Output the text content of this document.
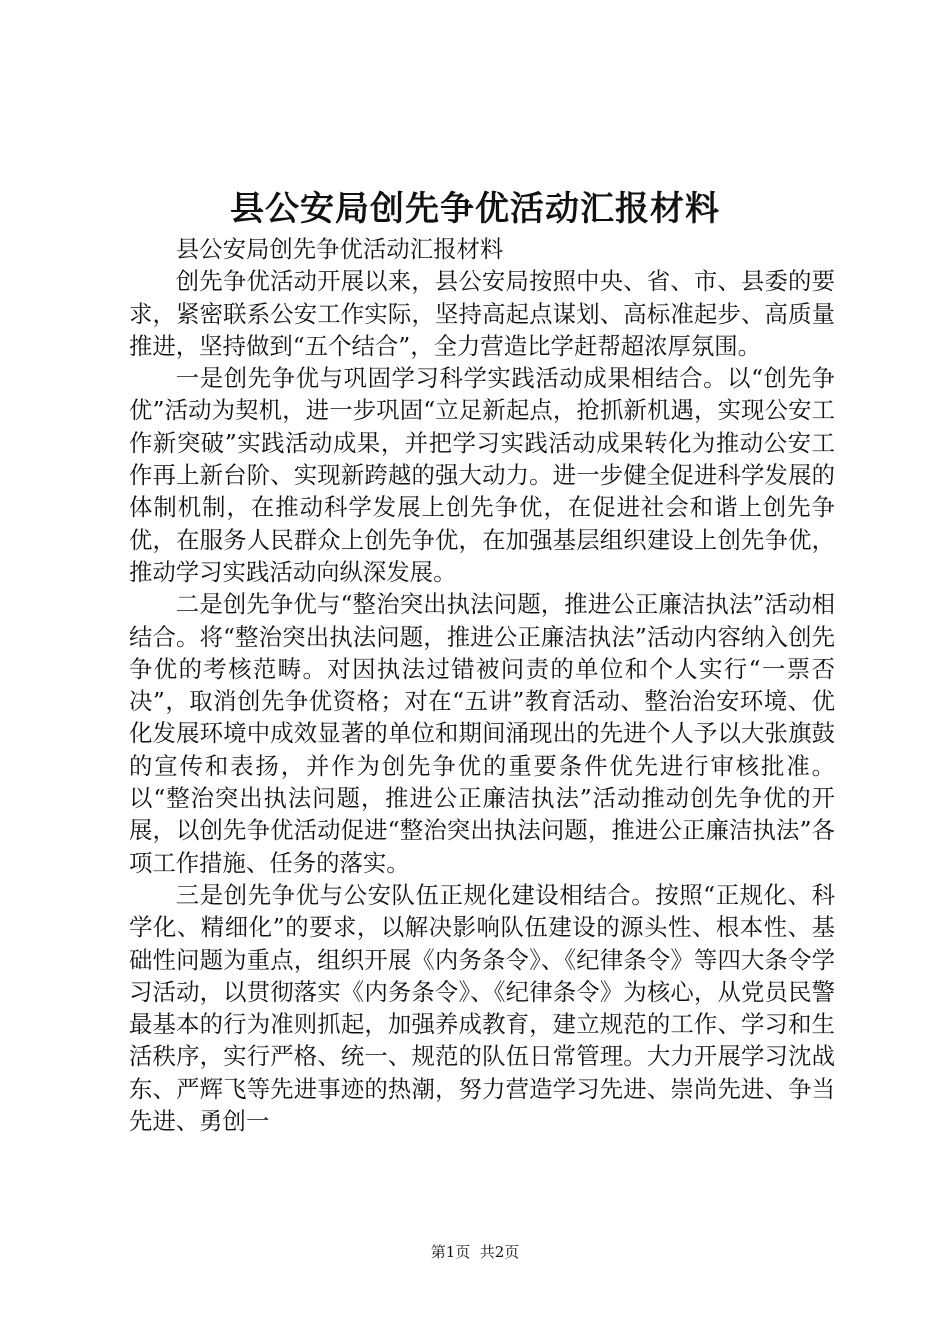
县公安局创先争优活动汇报材料

县公安局创先争优活动汇报材料

创先争优活动开展以来，县公安局按照中央、省、市、县委的要求，紧密联系公安工作实际，坚持高起点谋划、高标准起步、高质量推进，坚持做到“五个结合”，全力营造比学赶帮超浓厚氛围。

一是创先争优与巩固学习科学实践活动成果相结合。以“创先争优”活动为契机，进一步巩固“立足新起点，抢抓新机遇，实现公安工作新突破”实践活动成果，并把学习实践活动成果转化为推动公安工作再上新台阶、实现新跨越的强大动力。进一步健全促进科学发展的体制机制，在推动科学发展上创先争优，在促进社会和谐上创先争优，在服务人民群众上创先争优，在加强基层组织建设上创先争优，推动学习实践活动向纵深发展。

二是创先争优与“整治突出执法问题，推进公正廉洁执法”活动相结合。将“整治突出执法问题，推进公正廉洁执法”活动内容纳入创先争优的考核范畴。对因执法过错被问责的单位和个人实行“一票否决”，取消创先争优资格；对在“五讲”教育活动、整治治安环境、优化发展环境中成效显著的单位和期间涌现出的先进个人予以大张旗鼓的宣传和表扬，并作为创先争优的重要条件优先进行审核批准。以“整治突出执法问题，推进公正廉洁执法”活动推动创先争优的开展，以创先争优活动促进“整治突出执法问题，推进公正廉洁执法”各项工作措施、任务的落实。

三是创先争优与公安队伍正规化建设相结合。按照“正规化、科学化、精细化”的要求，以解决影响队伍建设的源头性、根本性、基础性问题为重点，组织开展《内务条令》、《纪律条令》等四大条令学习活动，以贯彻落实《内务条令》、《纪律条令》为核心，从党员民警最基本的行为准则抓起，加强养成教育，建立规范的工作、学习和生活秩序，实行严格、统一、规范的队伍日常管理。大力开展学习沈战东、严辉飞等先进事迹的热潮，努力营造学习先进、崇尚先进、争当先进、勇创一

第1页  共2页
